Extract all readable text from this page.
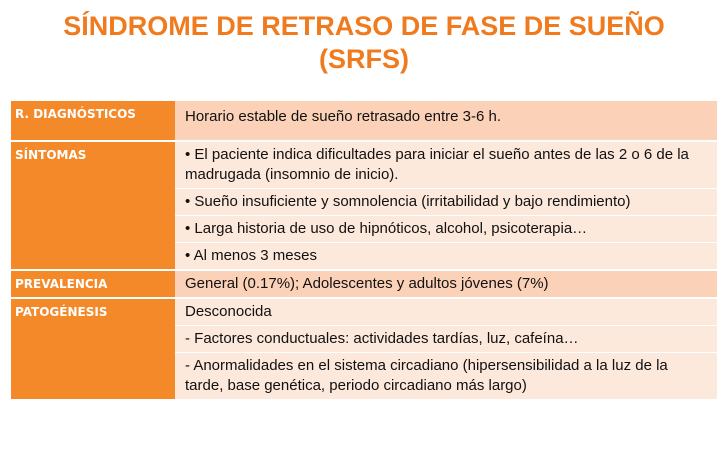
SÍNDROME DE RETRASO DE FASE DE SUEÑO
(SRFS)
R. DIAGNÓSTICOS	Horario estable de sueño retrasado entre 3-6 h.

SÍNTOMAS	• El paciente indica dificultades para iniciar el sueño antes de las 2 o 6 de la madrugada (insomnio de inicio).
• Sueño insuficiente y somnolencia (irritabilidad y bajo rendimiento)
• Larga historia de uso de hipnóticos, alcohol, psicoterapia…
• Al menos 3 meses

PREVALENCIA	General (0.17%); Adolescentes y adultos jóvenes (7%)

PATOGÉNESIS	Desconocida
- Factores conductuales: actividades tardías, luz, cafeína…
- Anormalidades en el sistema circadiano (hipersensibilidad a la luz de la tarde, base genética, periodo circadiano más largo)
